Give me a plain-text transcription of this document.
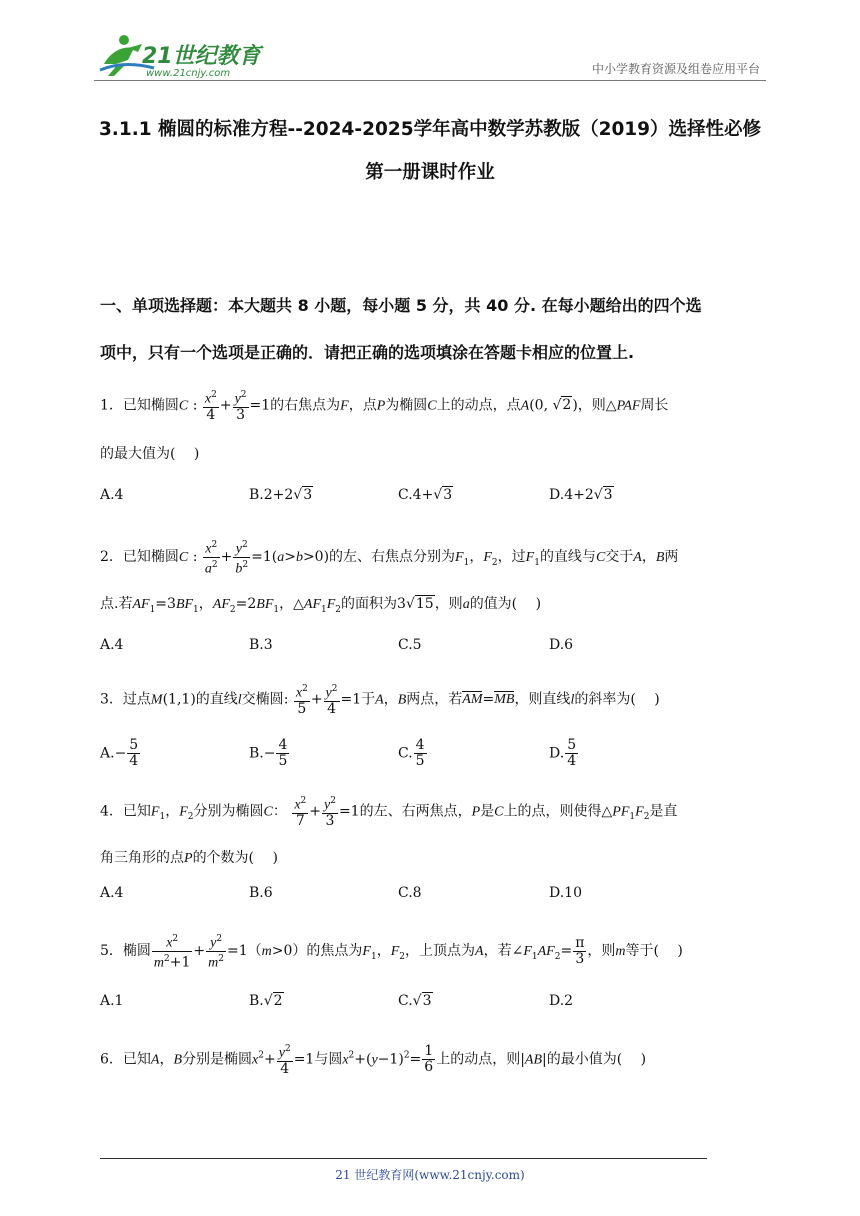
21世纪教育
www.21cnjy.com	中小学教育资源及组卷应用平台
3.1.1 椭圆的标准方程--2024-2025学年高中数学苏教版（2019）选择性必修
第一册课时作业
一、单项选择题：本大题共 8 小题，每小题 5 分，共 40 分. 在每小题给出的四个选
项中，只有一个选项是正确的．请把正确的选项填涂在答题卡相应的位置上.
1．已知椭圆C : $\frac{x^2}{4} + \frac{y^2}{3} =1$的右焦点为F，点P为椭圆C上的动点，点A(0, √2)，则△PAF周长
的最大值为(　 )
A.4	B.2+2√3	C.4+√3	D.4+2√3
2．已知椭圆C : $\frac{x^2}{a^2} + \frac{y^2}{b^2} =1(a>b>0)$的左、右焦点分别为$F_1$，$F_2$，过$F_1$的直线与C交于A，B两
点.若$AF_1=3BF_1$，$AF_2=2BF_1$，$\triangle AF_1F_2$的面积为3√15，则a的值为(　 )
A.4	B.3	C.5	D.6
3．过点M(1,1)的直线l交椭圆: $\frac{x^2}{5} + \frac{y^2}{4} =1$于A，B两点，若AM=MB，则直线l的斜率为(　 )
$A.- \frac{5}{4}$	$B.- \frac{4}{5}$	C. $\frac{4}{5}$	D. $\frac{5}{4}$
4．已知$F_1$，$F_2$分别为椭圆C： $\frac{x^2}{7} + \frac{y^2}{3} =1$的左、右两焦点，P是C上的点，则使得$\triangle PF_1F_2$是直
角三角形的点P的个数为(　 )
A.4	B.6	C.8	D.10
5．椭圆 $\frac{x^2}{m^2+1} + \frac{y^2}{m^2} =1(m>0)$的焦点为$F_1$，$F_2$，上顶点为A，若$\angle F_1AF_2= \frac{\pi}{3}$ ，则m等于(　 )
A.1	B.√2	C.√3	D.2
6．已知A，B分别是椭圆$x^2+ \frac{y^2}{4} =1$与圆$x^2+(y-1)^2= \frac{1}{6}$ 上的动点，则|AB|的最小值为(　 )
21 世纪教育网(www.21cnjy.com)
